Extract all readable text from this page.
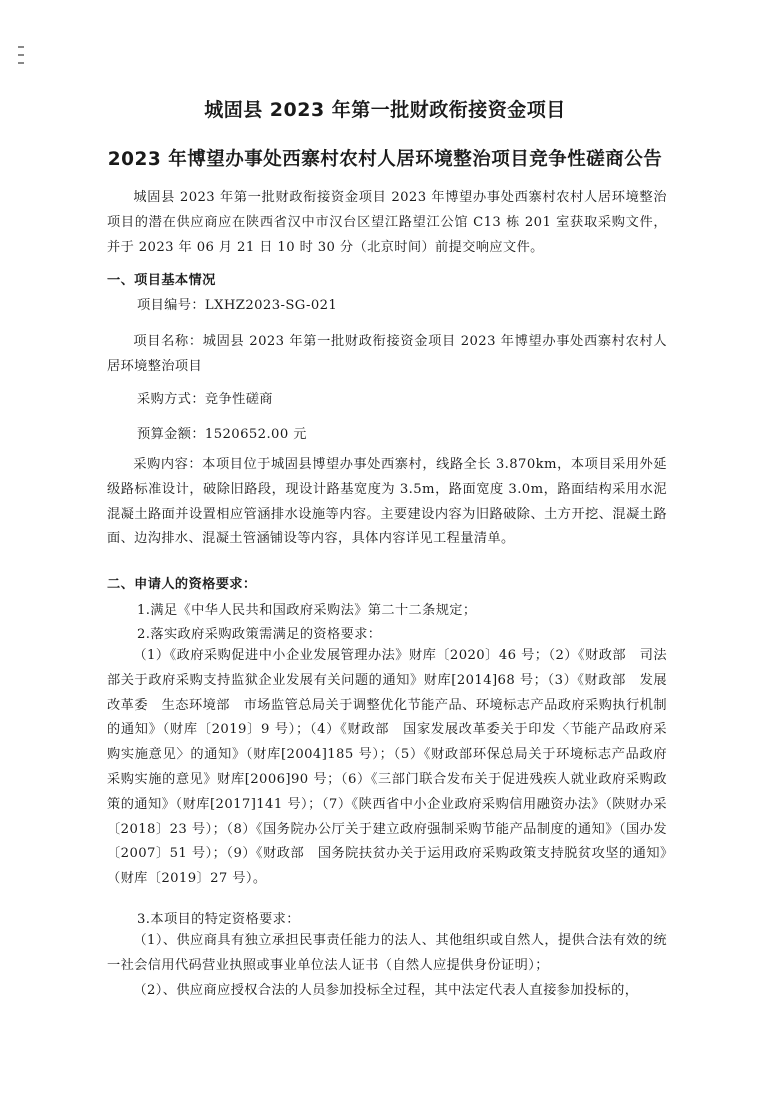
城固县 2023 年第一批财政衔接资金项目
2023 年博望办事处西寨村农村人居环境整治项目竞争性磋商公告
城固县 2023 年第一批财政衔接资金项目 2023 年博望办事处西寨村农村人居环境整治项目的潜在供应商应在陕西省汉中市汉台区望江路望江公馆 C13 栋 201 室获取采购文件，并于 2023 年 06 月 21 日 10 时 30 分（北京时间）前提交响应文件。
一、项目基本情况
项目编号：LXHZ2023-SG-021
项目名称：城固县 2023 年第一批财政衔接资金项目 2023 年博望办事处西寨村农村人居环境整治项目
采购方式：竞争性磋商
预算金额：1520652.00 元
采购内容：本项目位于城固县博望办事处西寨村，线路全长 3.870km，本项目采用外延级路标准设计，破除旧路段，现设计路基宽度为 3.5m，路面宽度 3.0m，路面结构采用水泥混凝土路面并设置相应管涵排水设施等内容。主要建设内容为旧路破除、土方开挖、混凝土路面、边沟排水、混凝土管涵铺设等内容，具体内容详见工程量清单。
二、申请人的资格要求：
1.满足《中华人民共和国政府采购法》第二十二条规定；
2.落实政府采购政策需满足的资格要求：
（1）《政府采购促进中小企业发展管理办法》财库〔2020〕46 号；（2）《财政部　司法部关于政府采购支持监狱企业发展有关问题的通知》财库[2014]68 号；（3）《财政部　发展改革委　生态环境部　市场监管总局关于调整优化节能产品、环境标志产品政府采购执行机制的通知》（财库〔2019〕9 号）；（4）《财政部　国家发展改革委关于印发〈节能产品政府采购实施意见〉的通知》（财库[2004]185 号）；（5）《财政部环保总局关于环境标志产品政府采购实施的意见》财库[2006]90 号；（6）《三部门联合发布关于促进残疾人就业政府采购政策的通知》（财库[2017]141 号）；（7）《陕西省中小企业政府采购信用融资办法》（陕财办采〔2018〕23 号）；（8）《国务院办公厅关于建立政府强制采购节能产品制度的通知》（国办发〔2007〕51 号）；（9）《财政部　国务院扶贫办关于运用政府采购政策支持脱贫攻坚的通知》（财库〔2019〕27 号）。
3.本项目的特定资格要求：
（1）、供应商具有独立承担民事责任能力的法人、其他组织或自然人，提供合法有效的统一社会信用代码营业执照或事业单位法人证书（自然人应提供身份证明）；
（2）、供应商应授权合法的人员参加投标全过程，其中法定代表人直接参加投标的，
